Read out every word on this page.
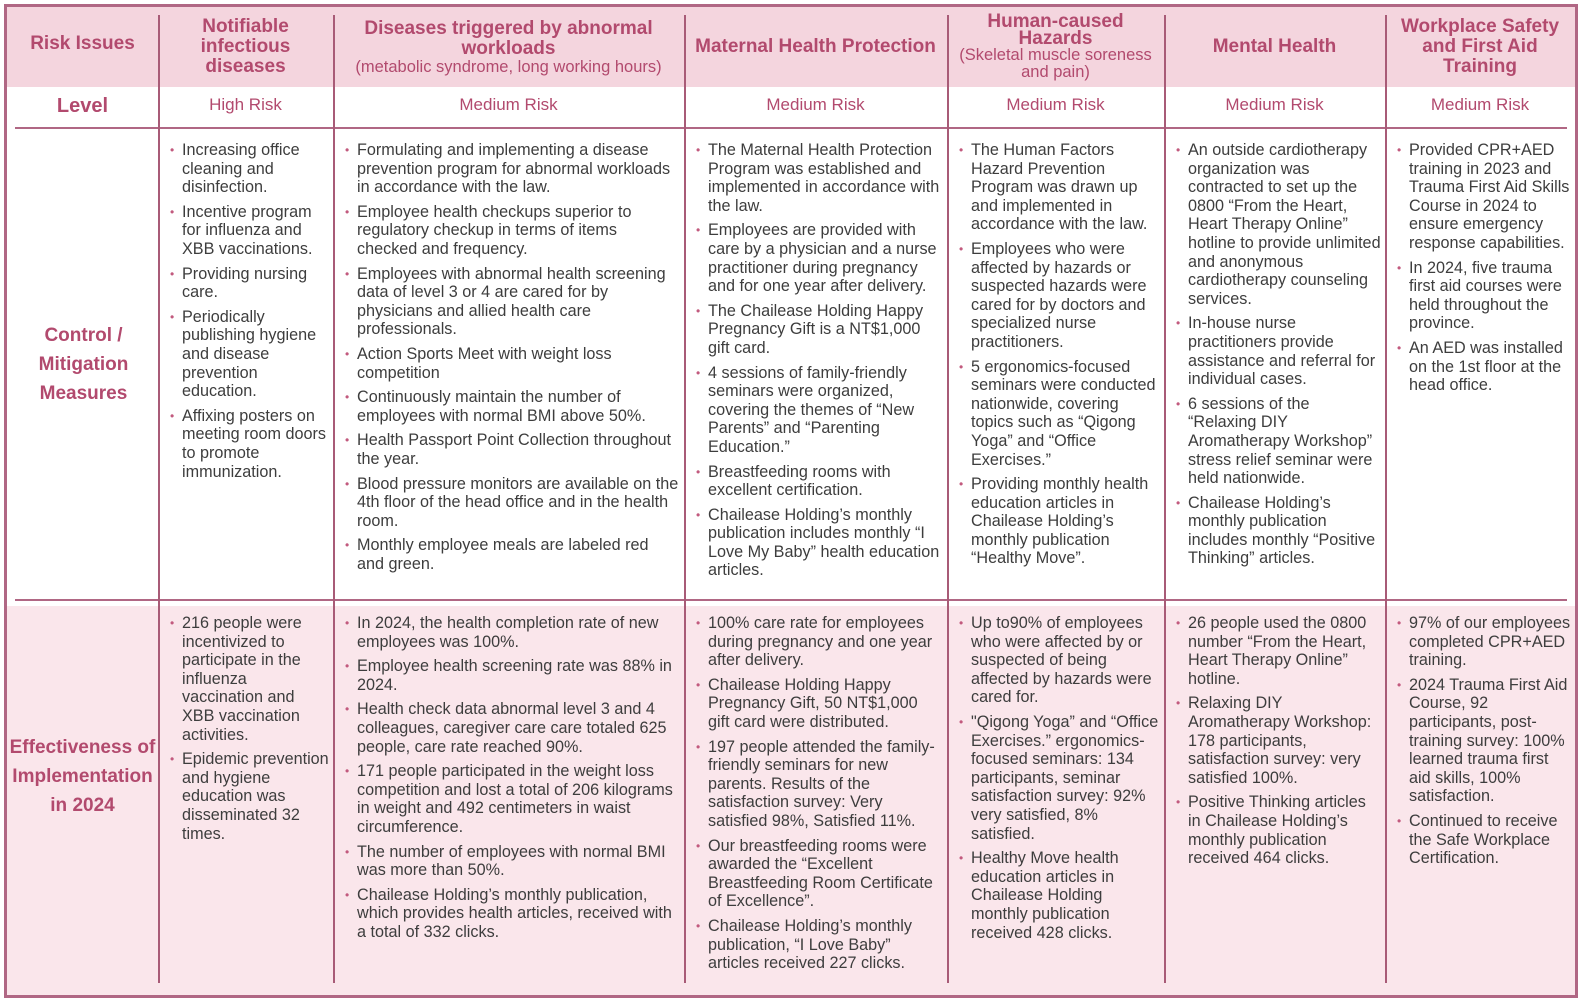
Risk Issues
Level
Control / Mitigation Measures
Effectiveness of Implementation in 2024
Notifiable infectious diseases
High Risk
• Increasing office cleaning and disinfection.
• Incentive program for influenza and XBB vaccinations.
• Providing nursing care.
• Periodically publishing hygiene and disease prevention education.
• Affixing posters on meeting room doors to promote immunization.
• 216 people were incentivized to participate in the influenza vaccination and XBB vaccination activities.
• Epidemic prevention and hygiene education was disseminated 32 times.
Diseases triggered by abnormal workloads
(metabolic syndrome, long working hours)
Medium Risk
• Formulating and implementing a disease prevention program for abnormal workloads in accordance with the law.
• Employee health checkups superior to regulatory checkup in terms of items checked and frequency.
• Employees with abnormal health screening data of level 3 or 4 are cared for by physicians and allied health care professionals.
• Action Sports Meet with weight loss competition
• Continuously maintain the number of employees with normal BMI above 50%.
• Health Passport Point Collection throughout the year.
• Blood pressure monitors are available on the 4th floor of the head office and in the health room.
• Monthly employee meals are labeled red and green.
• In 2024, the health completion rate of new employees was 100%.
• Employee health screening rate was 88% in 2024.
• Health check data abnormal level 3 and 4 colleagues, caregiver care care totaled 625 people, care rate reached 90%.
• 171 people participated in the weight loss competition and lost a total of 206 kilograms in weight and 492 centimeters in waist circumference.
• The number of employees with normal BMI was more than 50%.
• Chailease Holding’s monthly publication, which provides health articles, received with a total of 332 clicks.
Maternal Health Protection
Medium Risk
• The Maternal Health Protection Program was established and implemented in accordance with the law.
• Employees are provided with care by a physician and a nurse practitioner during pregnancy and for one year after delivery.
• The Chailease Holding Happy Pregnancy Gift is a NT$1,000 gift card.
• 4 sessions of family-friendly seminars were organized, covering the themes of “New Parents” and “Parenting Education.”
• Breastfeeding rooms with excellent certification.
• Chailease Holding’s monthly publication includes monthly “I Love My Baby” health education articles.
• 100% care rate for employees during pregnancy and one year after delivery.
• Chailease Holding Happy Pregnancy Gift, 50 NT$1,000 gift card were distributed.
• 197 people attended the family-friendly seminars for new parents. Results of the satisfaction survey: Very satisfied 98%, Satisfied 11%.
• Our breastfeeding rooms were awarded the “Excellent Breastfeeding Room Certificate of Excellence”.
• Chailease Holding’s monthly publication, “I Love Baby” articles received 227 clicks.
Human-caused Hazards
(Skeletal muscle soreness and pain)
Medium Risk
• The Human Factors Hazard Prevention Program was drawn up and implemented in accordance with the law.
• Employees who were affected by hazards or suspected hazards were cared for by doctors and specialized nurse practitioners.
• 5 ergonomics-focused seminars were conducted nationwide, covering topics such as “Qigong Yoga” and “Office Exercises.”
• Providing monthly health education articles in Chailease Holding’s monthly publication “Healthy Move”.
• Up to90% of employees who were affected by or suspected of being affected by hazards were cared for.
• "Qigong Yoga” and “Office Exercises.” ergonomics-focused seminars: 134 participants, seminar satisfaction survey: 92% very satisfied, 8% satisfied.
• Healthy Move health education articles in Chailease Holding monthly publication received 428 clicks.
Mental Health
Medium Risk
• An outside cardiotherapy organization was contracted to set up the 0800 “From the Heart, Heart Therapy Online” hotline to provide unlimited and anonymous cardiotherapy counseling services.
• In-house nurse practitioners provide assistance and referral for individual cases.
• 6 sessions of the “Relaxing DIY Aromatherapy Workshop” stress relief seminar were held nationwide.
• Chailease Holding’s monthly publication includes monthly “Positive Thinking” articles.
• 26 people used the 0800 number “From the Heart, Heart Therapy Online” hotline.
• Relaxing DIY Aromatherapy Workshop: 178 participants, satisfaction survey: very satisfied 100%.
• Positive Thinking articles in Chailease Holding’s monthly publication received 464 clicks.
Workplace Safety and First Aid Training
Medium Risk
• Provided CPR+AED training in 2023 and Trauma First Aid Skills Course in 2024 to ensure emergency response capabilities.
• In 2024, five trauma first aid courses were held throughout the province.
• An AED was installed on the 1st floor at the head office.
• 97% of our employees completed CPR+AED training.
• 2024 Trauma First Aid Course, 92 participants, post-training survey: 100% learned trauma first aid skills, 100% satisfaction.
• Continued to receive the Safe Workplace Certification.
